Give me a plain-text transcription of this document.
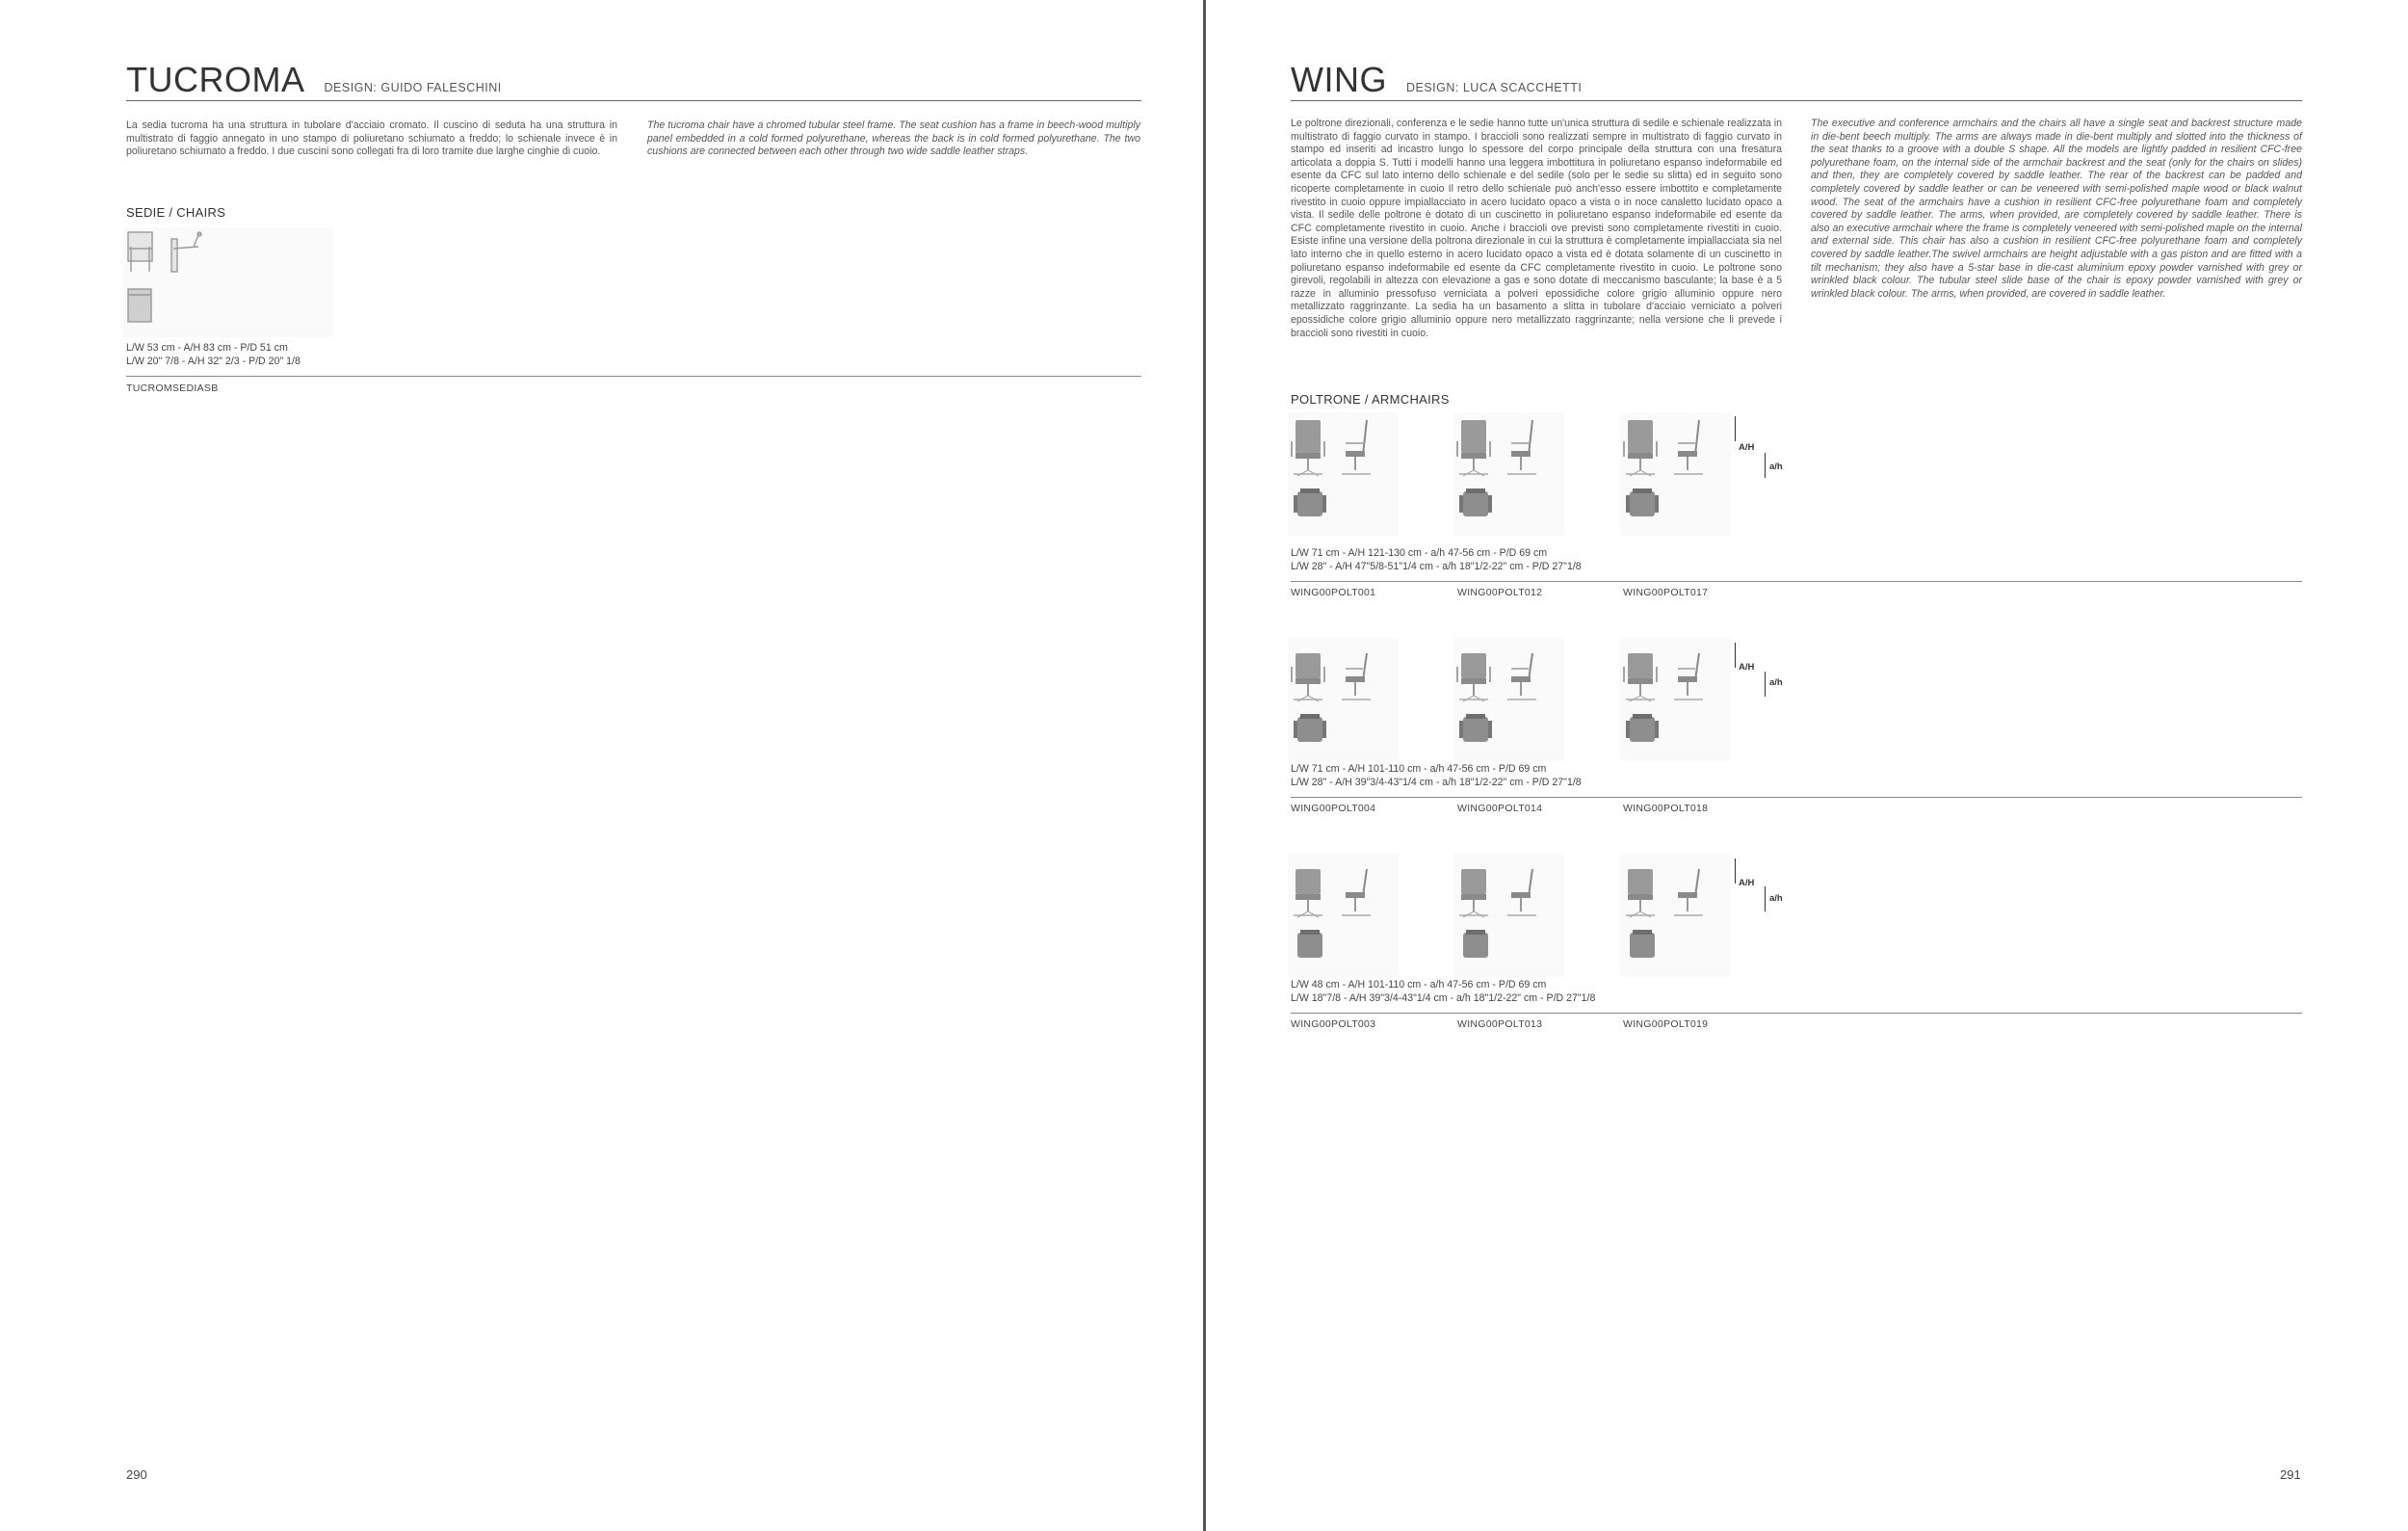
TUCROMA DESIGN: GUIDO FALESCHINI
La sedia tucroma ha una struttura in tubolare d'acciaio cromato. Il cuscino di seduta ha una struttura in multistrato di faggio annegato in uno stampo di poliuretano schiumato a freddo; lo schienale invece è in poliuretano schiumato a freddo. I due cuscini sono collegati fra di loro tramite due larghe cinghie di cuoio.
The tucroma chair have a chromed tubular steel frame. The seat cushion has a frame in beech-wood multiply panel embedded in a cold formed polyurethane, whereas the back is in cold formed polyurethane. The two cushions are connected between each other through two wide saddle leather straps.
SEDIE / CHAIRS
L/W 53 cm - A/H 83 cm - P/D 51 cm
L/W 20" 7/8 - A/H 32" 2/3 - P/D 20" 1/8
TUCROMSEDIASB
290
WING DESIGN: LUCA SCACCHETTI
Le poltrone direzionali, conferenza e le sedie hanno tutte un'unica struttura di sedile e schienale realizzata in multistrato di faggio curvato in stampo. I braccioli sono realizzati sempre in multistrato di faggio curvato in stampo ed inseriti ad incastro lungo lo spessore del corpo principale della struttura con una fresatura articolata a doppia S. Tutti i modelli hanno una leggera imbottitura in poliuretano espanso indeformabile ed esente da CFC sul lato interno dello schienale e del sedile (solo per le sedie su slitta) ed in seguito sono ricoperte completamente in cuoio Il retro dello schienale può anch'esso essere imbottito e completamente rivestito in cuoio oppure impiallacciato in acero lucidato opaco a vista o in noce canaletto lucidato opaco a vista. Il sedile delle poltrone è dotato di un cuscinetto in poliuretano espanso indeformabile ed esente da CFC completamente rivestito in cuoio. Anche i braccioli ove previsti sono completamente rivestiti in cuoio. Esiste infine una versione della poltrona direzionale in cui la struttura è completamente impiallacciata sia nel lato interno che in quello esterno in acero lucidato opaco a vista ed è dotata solamente di un cuscinetto in poliuretano espanso indeformabile ed esente da CFC completamente rivestito in cuoio. Le poltrone sono girevoli, regolabili in altezza con elevazione a gas e sono dotate di meccanismo basculante; la base è a 5 razze in alluminio pressofuso verniciata a polveri epossidiche colore grigio alluminio oppure nero metallizzato raggrinzante. La sedia ha un basamento a slitta in tubolare d'acciaio verniciato a polveri epossidiche colore grigio alluminio oppure nero metallizzato raggrinzante; nella versione che li prevede i braccioli sono rivestiti in cuoio.
The executive and conference armchairs and the chairs all have a single seat and backrest structure made in die-bent beech multiply. The arms are always made in die-bent multiply and slotted into the thickness of the seat thanks to a groove with a double S shape. All the models are lightly padded in resilient CFC-free polyurethane foam, on the internal side of the armchair backrest and the seat (only for the chairs on slides) and then, they are completely covered by saddle leather. The rear of the backrest can be padded and completely covered by saddle leather or can be veneered with semi-polished maple wood or black walnut wood. The seat of the armchairs have a cushion in resilient CFC-free polyurethane foam and completely covered by saddle leather. The arms, when provided, are completely covered by saddle leather. There is also an executive armchair where the frame is completely veneered with semi-polished maple on the internal and external side. This chair has also a cushion in resilient CFC-free polyurethane foam and completely covered by saddle leather.The swivel armchairs are height adjustable with a gas piston and are fitted with a tilt mechanism; they also have a 5-star base in die-cast aluminium epoxy powder varnished with grey or wrinkled black colour. The tubular steel slide base of the chair is epoxy powder varnished with grey or wrinkled black colour. The arms, when provided, are covered in saddle leather.
POLTRONE / ARMCHAIRS
A/H
a/h
L/W 71 cm - A/H 121-130 cm - a/h 47-56 cm - P/D 69 cm
L/W 28" - A/H 47"5/8-51"1/4 cm - a/h 18"1/2-22" cm - P/D 27"1/8
WING00POLT001	WING00POLT012	WING00POLT017
A/H
a/h
L/W 71 cm - A/H 101-110 cm - a/h 47-56 cm - P/D 69 cm
L/W 28" - A/H 39"3/4-43"1/4 cm - a/h 18"1/2-22" cm - P/D 27"1/8
WING00POLT004	WING00POLT014	WING00POLT018
A/H
a/h
L/W 48 cm - A/H 101-110 cm - a/h 47-56 cm - P/D 69 cm
L/W 18"7/8 - A/H 39"3/4-43"1/4 cm - a/h 18"1/2-22" cm - P/D 27"1/8
WING00POLT003	WING00POLT013	WING00POLT019
291
